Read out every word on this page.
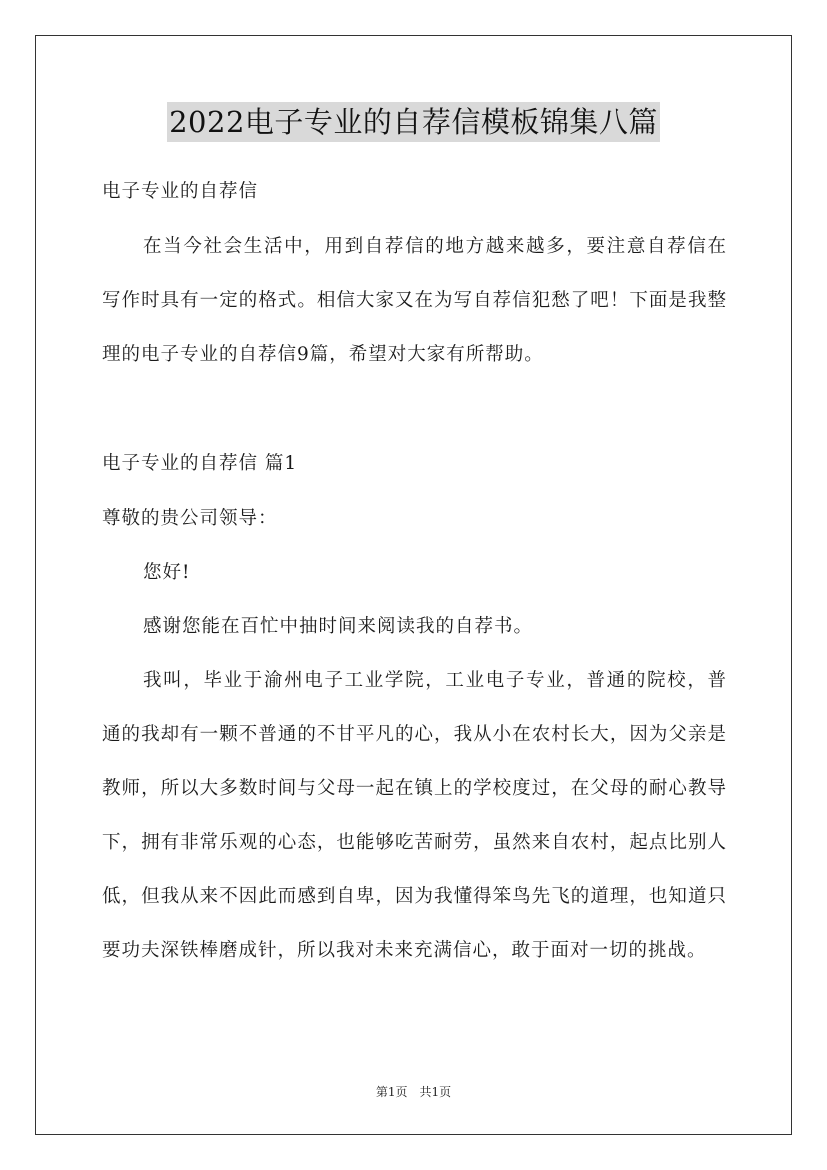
2022电子专业的自荐信模板锦集八篇

电子专业的自荐信

在当今社会生活中，用到自荐信的地方越来越多，要注意自荐信在写作时具有一定的格式。相信大家又在为写自荐信犯愁了吧！下面是我整理的电子专业的自荐信9篇，希望对大家有所帮助。

电子专业的自荐信 篇1

尊敬的贵公司领导：

您好!

感谢您能在百忙中抽时间来阅读我的自荐书。

我叫，毕业于渝州电子工业学院，工业电子专业，普通的院校，普通的我却有一颗不普通的不甘平凡的心，我从小在农村长大，因为父亲是教师，所以大多数时间与父母一起在镇上的学校度过，在父母的耐心教导下，拥有非常乐观的心态，也能够吃苦耐劳，虽然来自农村，起点比别人低，但我从来不因此而感到自卑，因为我懂得笨鸟先飞的道理，也知道只要功夫深铁棒磨成针，所以我对未来充满信心，敢于面对一切的挑战。

第1页　共1页
